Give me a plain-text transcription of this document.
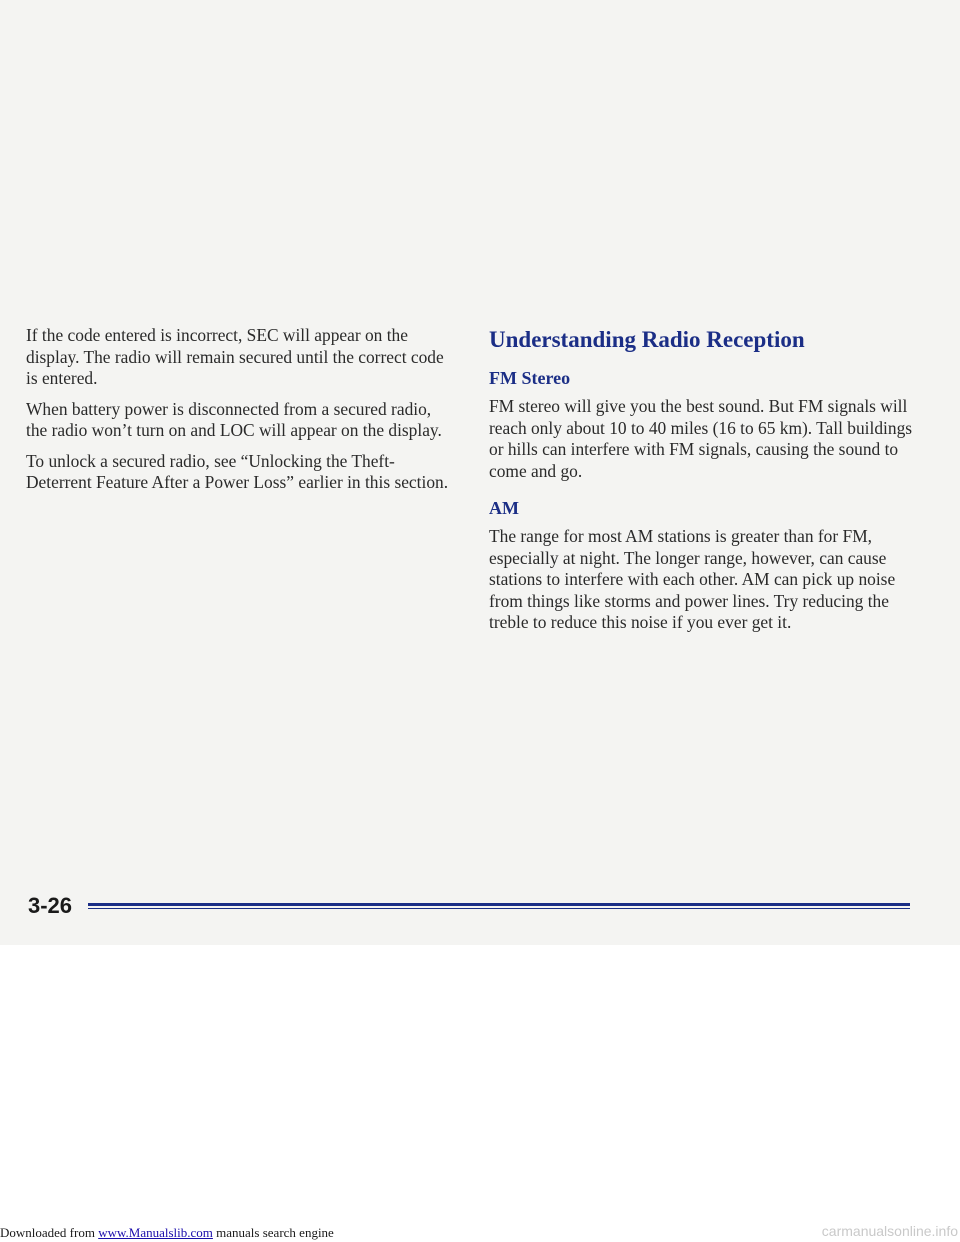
If the code entered is incorrect, SEC will appear on the display. The radio will remain secured until the correct code is entered.

When battery power is disconnected from a secured radio, the radio won’t turn on and LOC will appear on the display.

To unlock a secured radio, see “Unlocking the Theft-Deterrent Feature After a Power Loss” earlier in this section.

Understanding Radio Reception
FM Stereo

FM stereo will give you the best sound. But FM signals will reach only about 10 to 40 miles (16 to 65 km). Tall buildings or hills can interfere with FM signals, causing the sound to come and go.

AM

The range for most AM stations is greater than for FM, especially at night. The longer range, however, can cause stations to interfere with each other. AM can pick up noise from things like storms and power lines. Try reducing the treble to reduce this noise if you ever get it.

3-26
Downloaded from www.Manualslib.com manuals search engine	carmanualsonline.info
